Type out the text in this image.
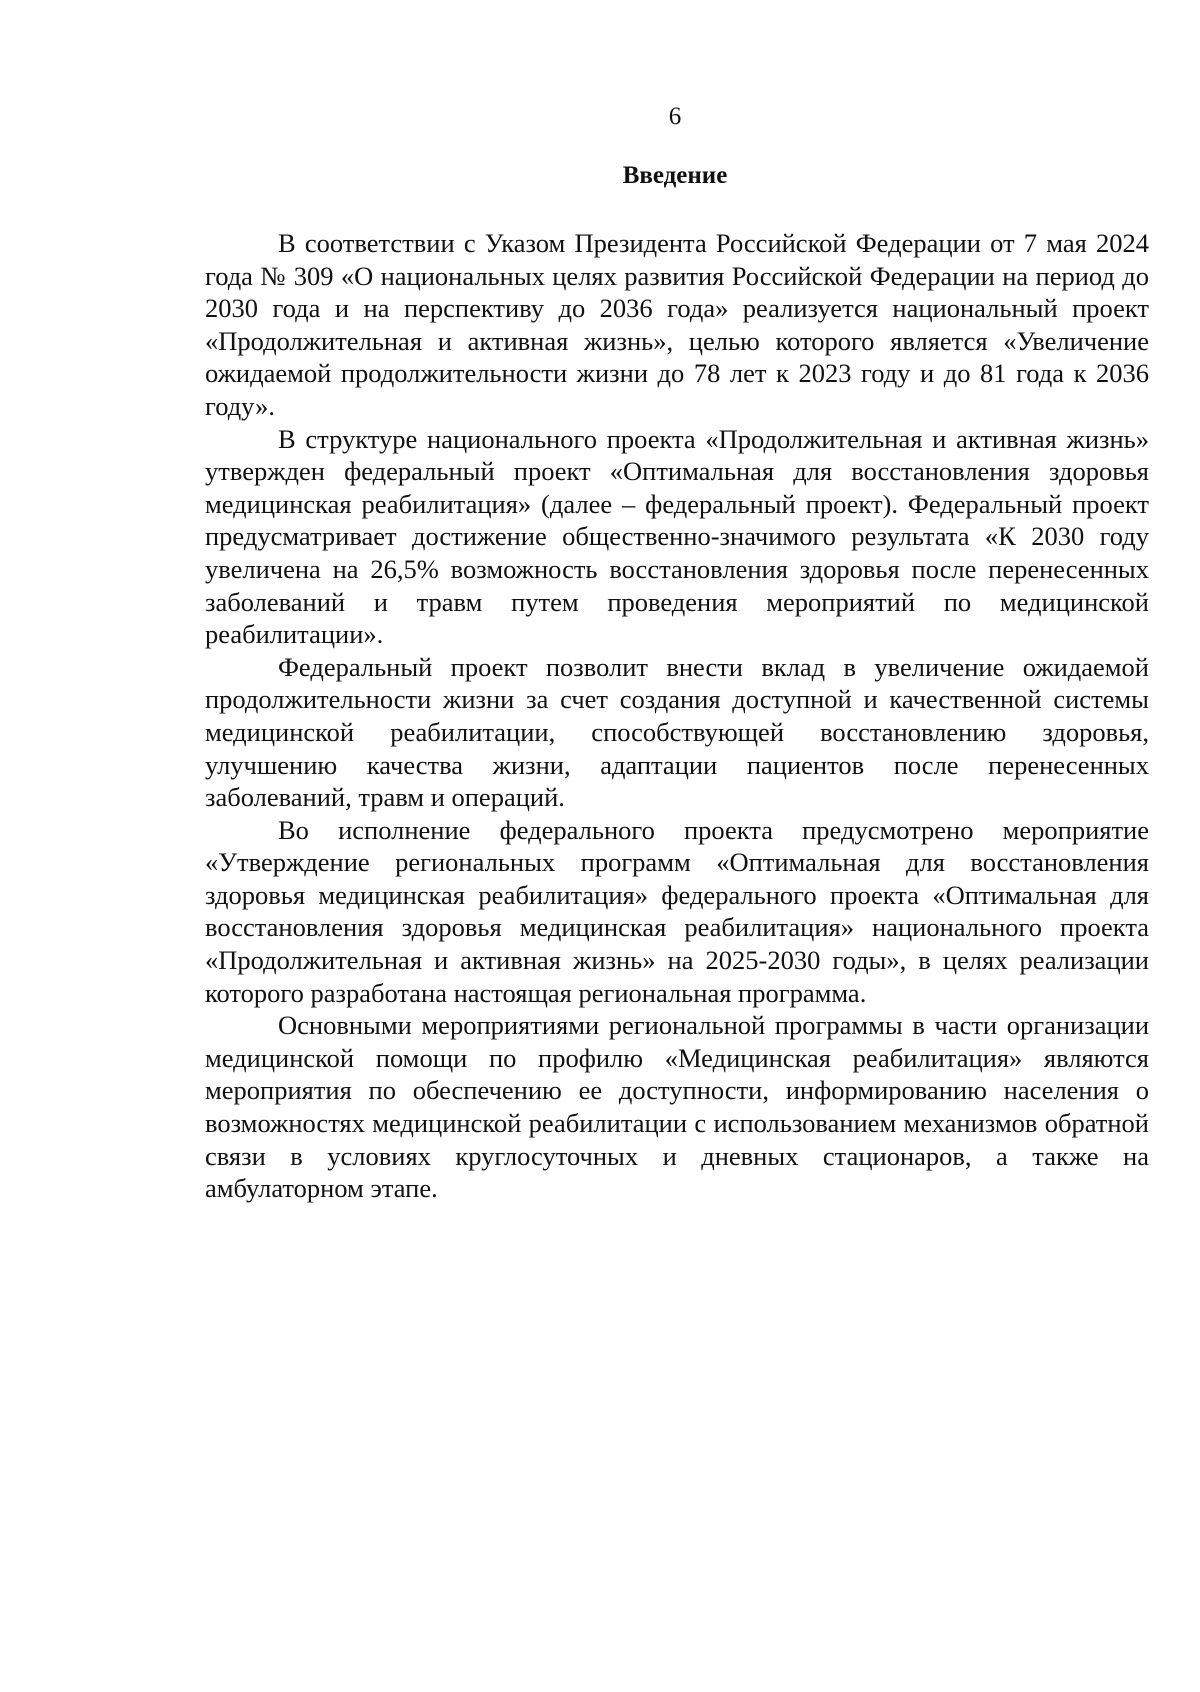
6
Введение

В соответствии с Указом Президента Российской Федерации от 7 мая 2024 года № 309 «О национальных целях развития Российской Федерации на период до 2030 года и на перспективу до 2036 года» реализуется национальный проект «Продолжительная и активная жизнь», целью которого является «Увеличение ожидаемой продолжительности жизни до 78 лет к 2023 году и до 81 года к 2036 году».

В структуре национального проекта «Продолжительная и активная жизнь» утвержден федеральный проект «Оптимальная для восстановления здоровья медицинская реабилитация» (далее – федеральный проект). Федеральный проект предусматривает достижение общественно-значимого результата «К 2030 году увеличена на 26,5% возможность восстановления здоровья после перенесенных заболеваний и травм путем проведения мероприятий по медицинской реабилитации».

Федеральный проект позволит внести вклад в увеличение ожидаемой продолжительности жизни за счет создания доступной и качественной системы медицинской реабилитации, способствующей восстановлению здоровья, улучшению качества жизни, адаптации пациентов после перенесенных заболеваний, травм и операций.

Во исполнение федерального проекта предусмотрено мероприятие «Утверждение региональных программ «Оптимальная для восстановления здоровья медицинская реабилитация» федерального проекта «Оптимальная для восстановления здоровья медицинская реабилитация» национального проекта «Продолжительная и активная жизнь» на 2025-2030 годы», в целях реализации которого разработана настоящая региональная программа.

Основными мероприятиями региональной программы в части организации медицинской помощи по профилю «Медицинская реабилитация» являются мероприятия по обеспечению ее доступности, информированию населения о возможностях медицинской реабилитации с использованием механизмов обратной связи в условиях круглосуточных и дневных стационаров, а также на амбулаторном этапе.
